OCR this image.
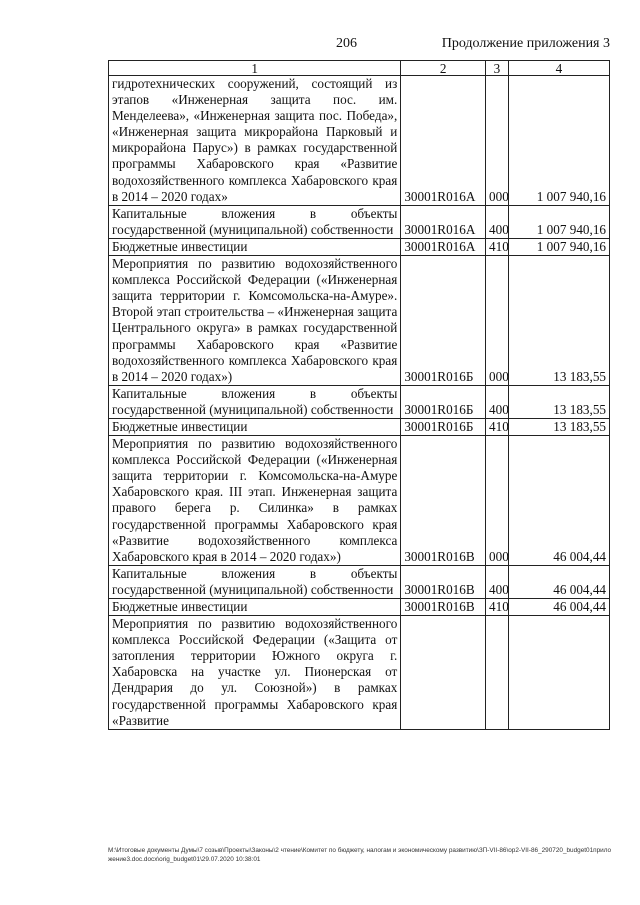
206	Продолжение приложения 3
1	2	3	4
гидротехнических сооружений, состоящий из этапов «Инженерная защита пос. им. Менделеева», «Инженерная защита пос. Победа», «Инженерная защита микрорайона Парковый и микрорайона Парус») в рамках государственной программы Хабаровского края «Развитие водохозяйственного комплекса Хабаровского края в 2014 – 2020 годах»	30001R016A	000	1 007 940,16
Капитальные вложения в объекты государственной (муниципальной) собственности	30001R016A	400	1 007 940,16
Бюджетные инвестиции	30001R016A	410	1 007 940,16
Мероприятия по развитию водохозяйственного комплекса Российской Федерации («Инженерная защита территории г. Комсомольска-на-Амуре». Второй этап строительства – «Инженерная защита Центрального округа» в рамках государственной программы Хабаровского края «Развитие водохозяйственного комплекса Хабаровского края в 2014 – 2020 годах»)	30001R016Б	000	13 183,55
Капитальные вложения в объекты государственной (муниципальной) собственности	30001R016Б	400	13 183,55
Бюджетные инвестиции	30001R016Б	410	13 183,55
Мероприятия по развитию водохозяйственного комплекса Российской Федерации («Инженерная защита территории г. Комсомольска-на-Амуре Хабаровского края. III этап. Инженерная защита правого берега р. Силинка» в рамках государственной программы Хабаровского края «Развитие водохозяйственного комплекса Хабаровского края в 2014 – 2020 годах»)	30001R016В	000	46 004,44
Капитальные вложения в объекты государственной (муниципальной) собственности	30001R016В	400	46 004,44
Бюджетные инвестиции	30001R016В	410	46 004,44
Мероприятия по развитию водохозяйственного комплекса Российской Федерации («Защита от затопления территории Южного округа г. Хабаровска на участке ул. Пионерская от Дендрария до ул. Союзной») в рамках государственной программы Хабаровского края «Развитие			
М:\Итоговые документы Думы\7 созыв\Проекты\Законы\2 чтение\Комитет по бюджету, налогам и экономическому развитию\ЗП-VII-86\ор2-VII-86_290720_budget01приложение3.doc.docx\orig_budget01\29.07.2020 10:38:01
